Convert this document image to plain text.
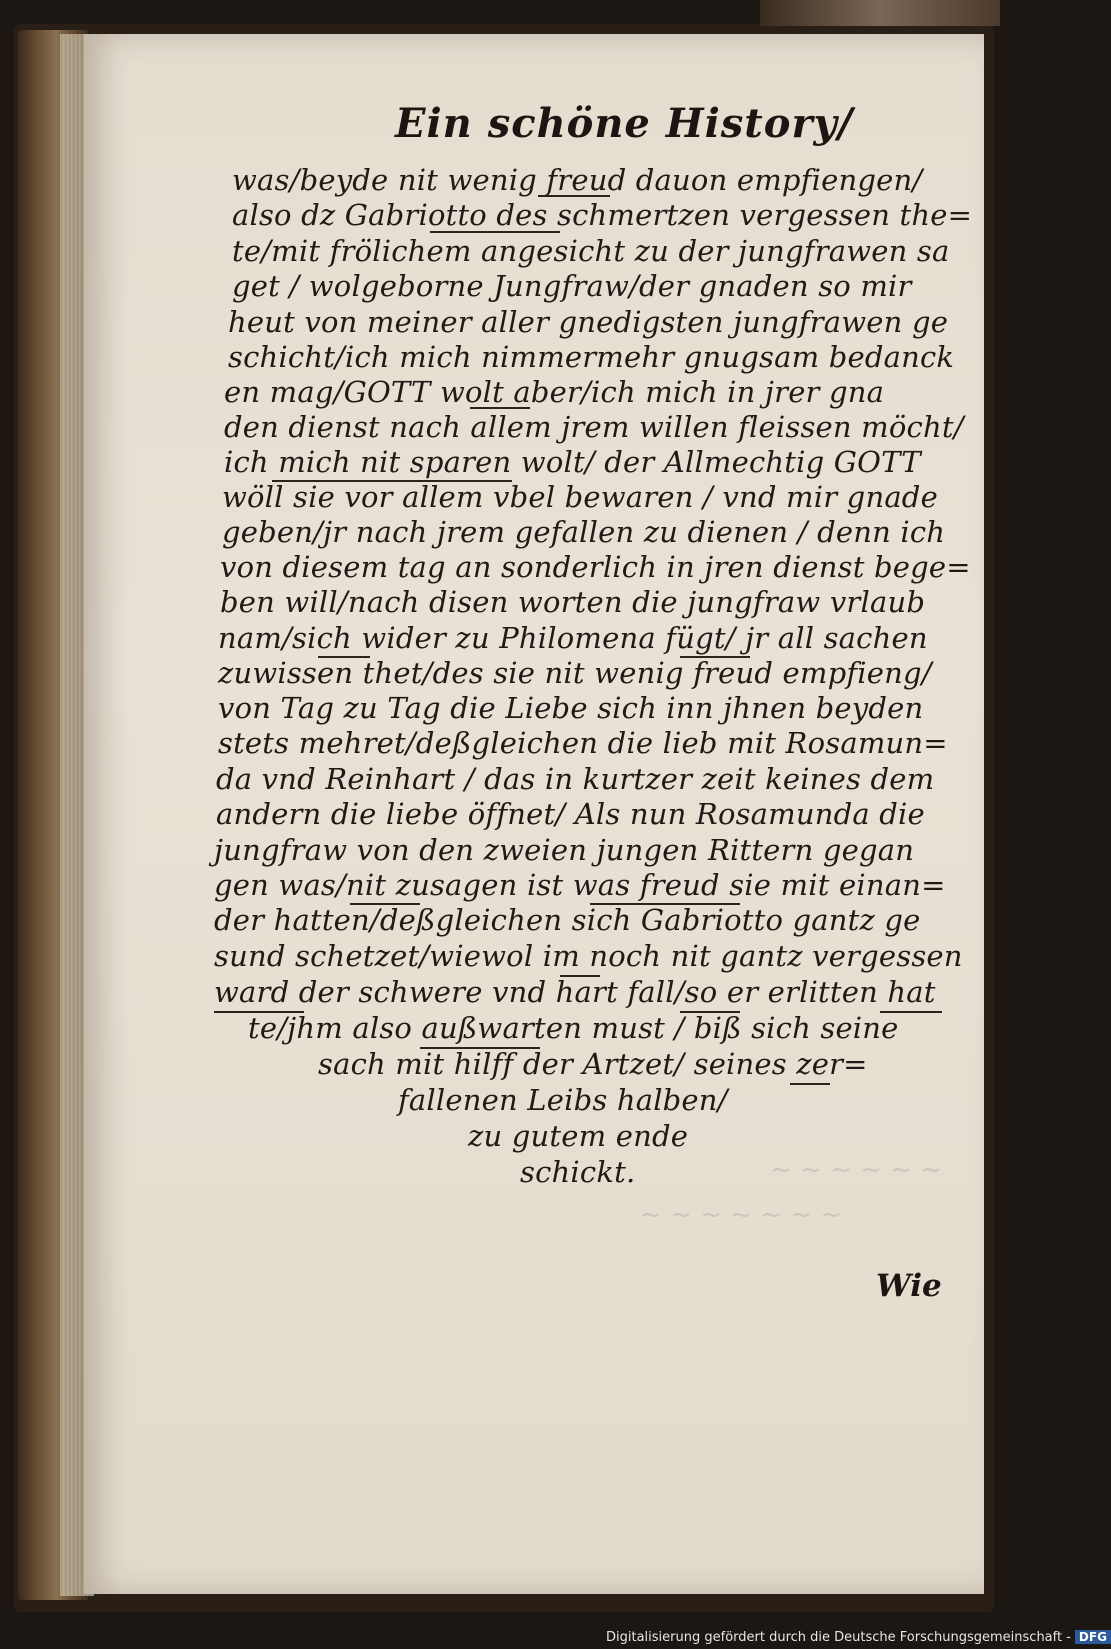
~ ~ ~ ~ ~ ~
~ ~ ~ ~ ~ ~ ~
Ein schöne History/
was/beyde nit wenig freud dauon empfiengen/
also dz Gabriotto des schmertzen vergessen the=
te/mit frölichem angesicht zu der jungfrawen sa
get / wolgeborne Jungfraw/der gnaden so mir
heut von meiner aller gnedigsten jungfrawen ge
schicht/ich mich nimmermehr gnugsam bedanck
en mag/GOTT wolt aber/ich mich in jrer gna
den dienst nach allem jrem willen fleissen möcht/
ich mich nit sparen wolt/ der Allmechtig GOTT
wöll sie vor allem vbel bewaren / vnd mir gnade
geben/jr nach jrem gefallen zu dienen / denn ich
von diesem tag an sonderlich in jren dienst bege=
ben will/nach disen worten die jungfraw vrlaub
nam/sich wider zu Philomena fügt/ jr all sachen
zuwissen thet/des sie nit wenig freud empfieng/
von Tag zu Tag die Liebe sich inn jhnen beyden
stets mehret/deßgleichen die lieb mit Rosamun=
da vnd Reinhart / das in kurtzer zeit keines dem
andern die liebe öffnet/ Als nun Rosamunda die
jungfraw von den zweien jungen Rittern gegan
gen was/nit zusagen ist was freud sie mit einan=
der hatten/deßgleichen sich Gabriotto gantz ge
sund schetzet/wiewol im noch nit gantz vergessen
ward der schwere vnd hart fall/so er erlitten hat
te/jhm also außwarten must / biß sich seine
sach mit hilff der Artzet/ seines zer=
fallenen Leibs halben/
zu gutem ende
schickt.
Wie
Digitalisierung gefördert durch die Deutsche Forschungsgemeinschaft - DFG
